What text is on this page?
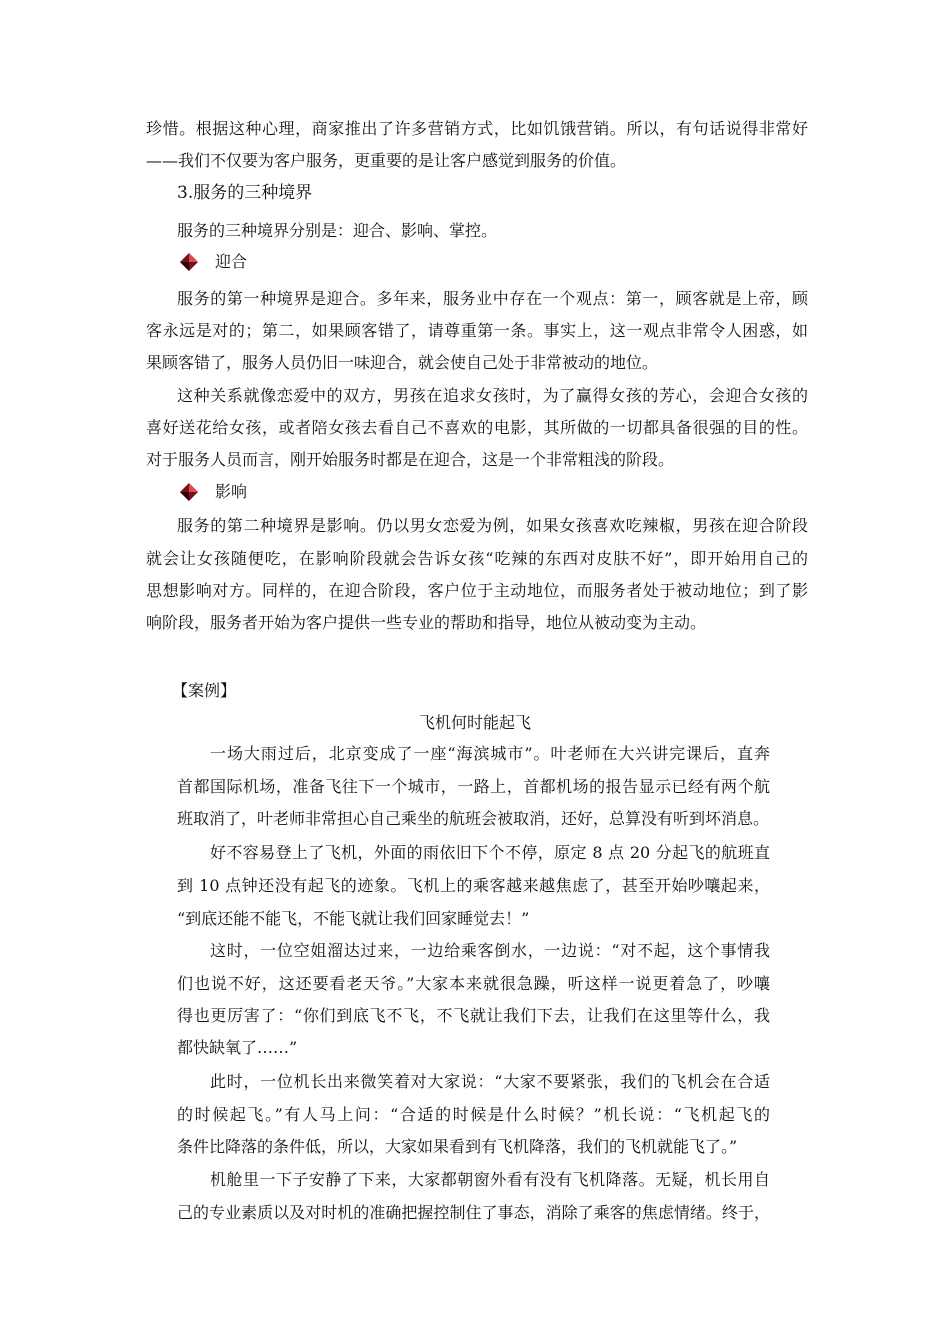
珍惜。根据这种心理，商家推出了许多营销方式，比如饥饿营销。所以，有句话说得非常好
——我们不仅要为客户服务，更重要的是让客户感觉到服务的价值。
3.服务的三种境界
服务的三种境界分别是：迎合、影响、掌控。
迎合
服务的第一种境界是迎合。多年来，服务业中存在一个观点：第一，顾客就是上帝，顾
客永远是对的；第二，如果顾客错了，请尊重第一条。事实上，这一观点非常令人困惑，如
果顾客错了，服务人员仍旧一味迎合，就会使自己处于非常被动的地位。
这种关系就像恋爱中的双方，男孩在追求女孩时，为了赢得女孩的芳心，会迎合女孩的
喜好送花给女孩，或者陪女孩去看自己不喜欢的电影，其所做的一切都具备很强的目的性。
对于服务人员而言，刚开始服务时都是在迎合，这是一个非常粗浅的阶段。
影响
服务的第二种境界是影响。仍以男女恋爱为例，如果女孩喜欢吃辣椒，男孩在迎合阶段
就会让女孩随便吃，在影响阶段就会告诉女孩“吃辣的东西对皮肤不好”，即开始用自己的
思想影响对方。同样的，在迎合阶段，客户位于主动地位，而服务者处于被动地位；到了影
响阶段，服务者开始为客户提供一些专业的帮助和指导，地位从被动变为主动。
【案例】
飞机何时能起飞
一场大雨过后，北京变成了一座“海滨城市”。叶老师在大兴讲完课后，直奔
首都国际机场，准备飞往下一个城市，一路上，首都机场的报告显示已经有两个航
班取消了，叶老师非常担心自己乘坐的航班会被取消，还好，总算没有听到坏消息。
好不容易登上了飞机，外面的雨依旧下个不停，原定 8 点 20 分起飞的航班直
到 10 点钟还没有起飞的迹象。飞机上的乘客越来越焦虑了，甚至开始吵嚷起来，
“到底还能不能飞，不能飞就让我们回家睡觉去！”
这时，一位空姐溜达过来，一边给乘客倒水，一边说：“对不起，这个事情我
们也说不好，这还要看老天爷。”大家本来就很急躁，听这样一说更着急了，吵嚷
得也更厉害了：“你们到底飞不飞，不飞就让我们下去，让我们在这里等什么，我
都快缺氧了……”
此时，一位机长出来微笑着对大家说：“大家不要紧张，我们的飞机会在合适
的时候起飞。”有人马上问：“合适的时候是什么时候？”机长说：“飞机起飞的
条件比降落的条件低，所以，大家如果看到有飞机降落，我们的飞机就能飞了。”
机舱里一下子安静了下来，大家都朝窗外看有没有飞机降落。无疑，机长用自
己的专业素质以及对时机的准确把握控制住了事态，消除了乘客的焦虑情绪。终于，
